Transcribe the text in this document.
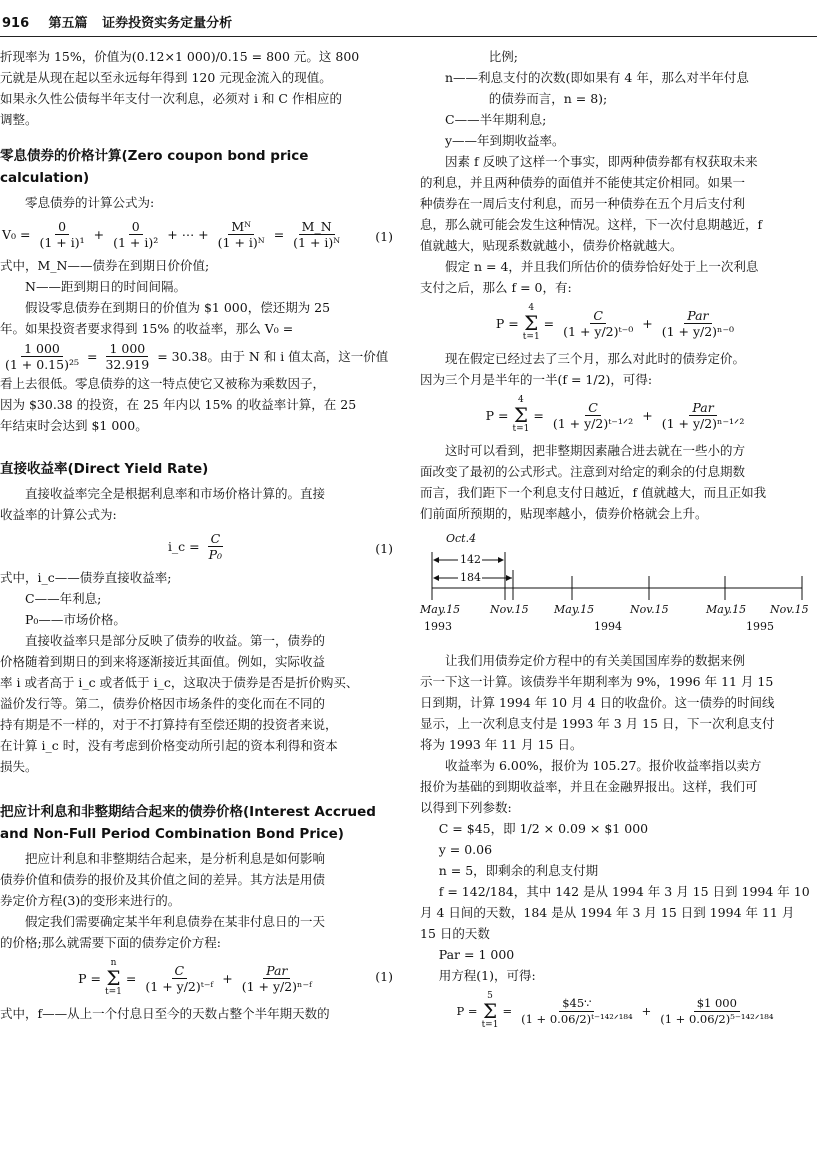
916 第五篇 证券投资实务定量分析

折现率为 15%，价值为(0.12×1 000)/0.15 = 800 元。这 800

元就是从现在起以至永远每年得到 120 元现金流入的现值。

如果永久性公债每半年支付一次利息，必须对 i 和 C 作相应的

调整。

零息债券的价格计算(Zero coupon bond price calculation)

零息债券的计算公式为:

$V_0 = \frac{0}{\text{(1 + i)¹}} + \frac{0}{\text{(1 + i)²}}$ + ⋯ + $\frac{\text{Mᴺ}}{\text{(1 + i)ᴺ}} = \frac{M\_N}{\text{(1 + i)ᴺ}}$	(1)

式中，M_N——债券在到期日价价值;

N——距到期日的时间间隔。

假设零息债券在到期日的价值为 $1 000，偿还期为 25

年。如果投资者要求得到 15% 的收益率，那么 V₀ =

$\frac{1 000}{\text{(1 + 0.15)²⁵}} = \frac{1 000}{32.919} = 30.38$。由于 N 和 i 值太高，这一价值

看上去很低。零息债券的这一特点使它又被称为乘数因子，

因为 $30.38 的投资，在 25 年内以 15% 的收益率计算，在 25

年结束时会达到 $1 000。

直接收益率(Direct Yield Rate)

直接收益率完全是根据利息率和市场价格计算的。直接

收益率的计算公式为:

i_c = $\frac{C}{\text{P₀}}$	(1)

式中，i_c——债券直接收益率;

C——年利息;

P₀——市场价格。

直接收益率只是部分反映了债券的收益。第一，债券的

价格随着到期日的到来将逐渐接近其面值。例如，实际收益

率 i 或者高于 i_c 或者低于 i_c，这取决于债券是否是折价购买、

溢价发行等。第二，债券价格因市场条件的变化而在不同的

持有期是不一样的，对于不打算持有至偿还期的投资者来说，

在计算 i_c 时，没有考虑到价格变动所引起的资本利得和资本

损失。

把应计利息和非整期结合起来的债券价格(Interest Accrued and Non-Full Period Combination Bond Price)

把应计利息和非整期结合起来，是分析利息是如何影响

债券价值和债券的报价及其价值之间的差异。其方法是用债

券定价方程(3)的变形来进行的。

假定我们需要确定某半年利息债券在某非付息日的一天

的价格;那么就需要下面的债券定价方程:

P =
n
Σ
t=1
= $\frac{C}{\text{(1 + y/2)ᵗ⁻ᶠ}} + \frac{\text{Par}}{\text{(1 + y/2)ⁿ⁻ᶠ}}$	(1)

式中，f——从上一个付息日至今的天数占整个半年期天数的

比例;

n——利息支付的次数(即如果有 4 年，那么对半年付息

的债券而言，n = 8);

C——半年期利息;

y——年到期收益率。

因素 f 反映了这样一个事实，即两种债券都有权获取未来

的利息，并且两种债券的面值并不能使其定价相同。如果一

种债券在一周后支付利息，而另一种债券在五个月后支付利

息，那么就可能会发生这种情况。这样，下一次付息期越近，f

值就越大，贴现系数就越小，债券价格就越大。

假定 n = 4，并且我们所估价的债券恰好处于上一次利息

支付之后，那么 f = 0，有:

P =
4
Σ
t=1
= $\frac{C}{\text{(1 + y/2)ᵗ⁻⁰}} + \frac{\text{Par}}{\text{(1 + y/2)ⁿ⁻⁰}}$

现在假定已经过去了三个月，那么对此时的债券定价。

因为三个月是半年的一半(f = 1/2)，可得:

P =
4
Σ
t=1
= $\frac{C}{\text{(1 + y/2)ᵗ⁻¹ᐟ²}} + \frac{\text{Par}}{\text{(1 + y/2)ⁿ⁻¹ᐟ²}}$

这时可以看到，把非整期因素融合进去就在一些小的方

面改变了最初的公式形式。注意到对给定的剩余的付息期数

而言，我们距下一个利息支付日越近，f 值就越大，而且正如我

们前面所预期的，贴现率越小，债券价格就会上升。

Oct.4
142
184
May.15	Nov.15 May.15	Nov.15	May.15 Nov.15
1993	1994	1995

让我们用债券定价方程中的有关美国国库券的数据来例

示一下这一计算。该债券半年期利率为 9%，1996 年 11 月 15

日到期，计算 1994 年 10 月 4 日的收盘价。这一债券的时间线

显示，上一次利息支付是 1993 年 3 月 15 日，下一次利息支付

将为 1993 年 11 月 15 日。

收益率为 6.00%，报价为 105.27。报价收益率指以卖方

报价为基础的到期收益率，并且在金融界报出。这样，我们可

以得到下列参数:

C = $45，即 1/2 × 0.09 × $1 000

y = 0.06

n = 5，即剩余的利息支付期

f = 142/184，其中 142 是从 1994 年 3 月 15 日到 1994 年 10

月 4 日间的天数，184 是从 1994 年 3 月 15 日到 1994 年 11 月

15 日的天数

Par = 1 000

用方程(1)，可得:

P =
5
Σ
t=1
= $\frac{\$45\because}{\text{(1 + 0.06/2)ᵗ⁻¹⁴²ᐟ¹⁸⁴}} + \frac{\$1 000}{\text{(1 + 0.06/2)⁵⁻¹⁴²ᐟ¹⁸⁴}}$
